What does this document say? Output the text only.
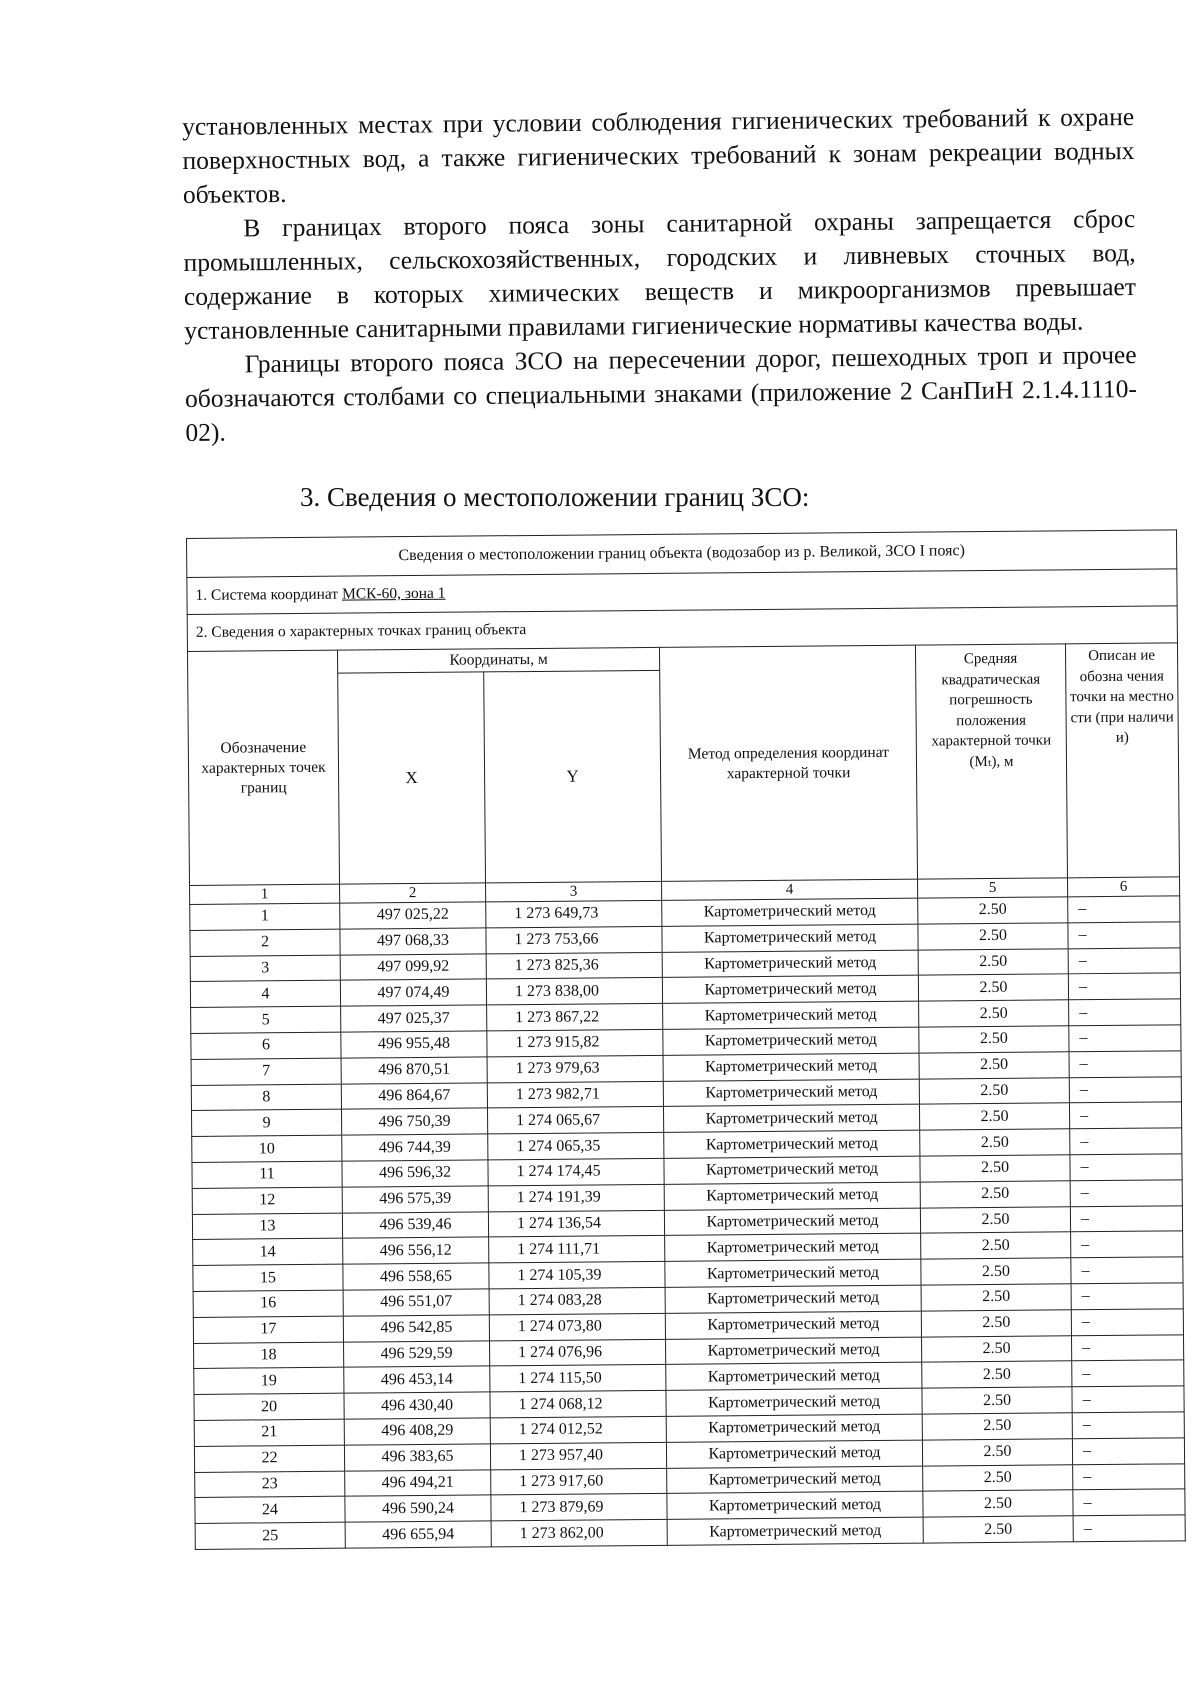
установленных местах при условии соблюдения гигиенических требований к охране поверхностных вод, а также гигиенических требований к зонам рекреации водных объектов.

В границах второго пояса зоны санитарной охраны запрещается сброс промышленных, сельскохозяйственных, городских и ливневых сточных вод, содержание в которых химических веществ и микроорганизмов превышает установленные санитарными правилами гигиенические нормативы качества воды.

Границы второго пояса ЗСО на пересечении дорог, пешеходных троп и прочее обозначаются столбами со специальными знаками (приложение 2 СанПиН 2.1.4.1110-02).

3. Сведения о местоположении границ ЗСО:
Сведения о местоположении границ объекта (водозабор из р. Великой, ЗСО I пояс)					
1. Система координат МСК-60, зона 1					
2. Сведения о характерных точках границ объекта					
Обозначение характерных точек границ	Координаты, м		Метод определения координат характерной точки	Средняя квадратическая погрешность положения характерной точки (Mₜ), м	Описан ие обозна чения точки на местно сти (при наличи и)
	X	Y			
1	2	3	4	5	6
1	497 025,22	1 273 649,73	Картометрический метод	2.50	–
2	497 068,33	1 273 753,66	Картометрический метод	2.50	–
3	497 099,92	1 273 825,36	Картометрический метод	2.50	–
4	497 074,49	1 273 838,00	Картометрический метод	2.50	–
5	497 025,37	1 273 867,22	Картометрический метод	2.50	–
6	496 955,48	1 273 915,82	Картометрический метод	2.50	–
7	496 870,51	1 273 979,63	Картометрический метод	2.50	–
8	496 864,67	1 273 982,71	Картометрический метод	2.50	–
9	496 750,39	1 274 065,67	Картометрический метод	2.50	–
10	496 744,39	1 274 065,35	Картометрический метод	2.50	–
11	496 596,32	1 274 174,45	Картометрический метод	2.50	–
12	496 575,39	1 274 191,39	Картометрический метод	2.50	–
13	496 539,46	1 274 136,54	Картометрический метод	2.50	–
14	496 556,12	1 274 111,71	Картометрический метод	2.50	–
15	496 558,65	1 274 105,39	Картометрический метод	2.50	–
16	496 551,07	1 274 083,28	Картометрический метод	2.50	–
17	496 542,85	1 274 073,80	Картометрический метод	2.50	–
18	496 529,59	1 274 076,96	Картометрический метод	2.50	–
19	496 453,14	1 274 115,50	Картометрический метод	2.50	–
20	496 430,40	1 274 068,12	Картометрический метод	2.50	–
21	496 408,29	1 274 012,52	Картометрический метод	2.50	–
22	496 383,65	1 273 957,40	Картометрический метод	2.50	–
23	496 494,21	1 273 917,60	Картометрический метод	2.50	–
24	496 590,24	1 273 879,69	Картометрический метод	2.50	–
25	496 655,94	1 273 862,00	Картометрический метод	2.50	–
